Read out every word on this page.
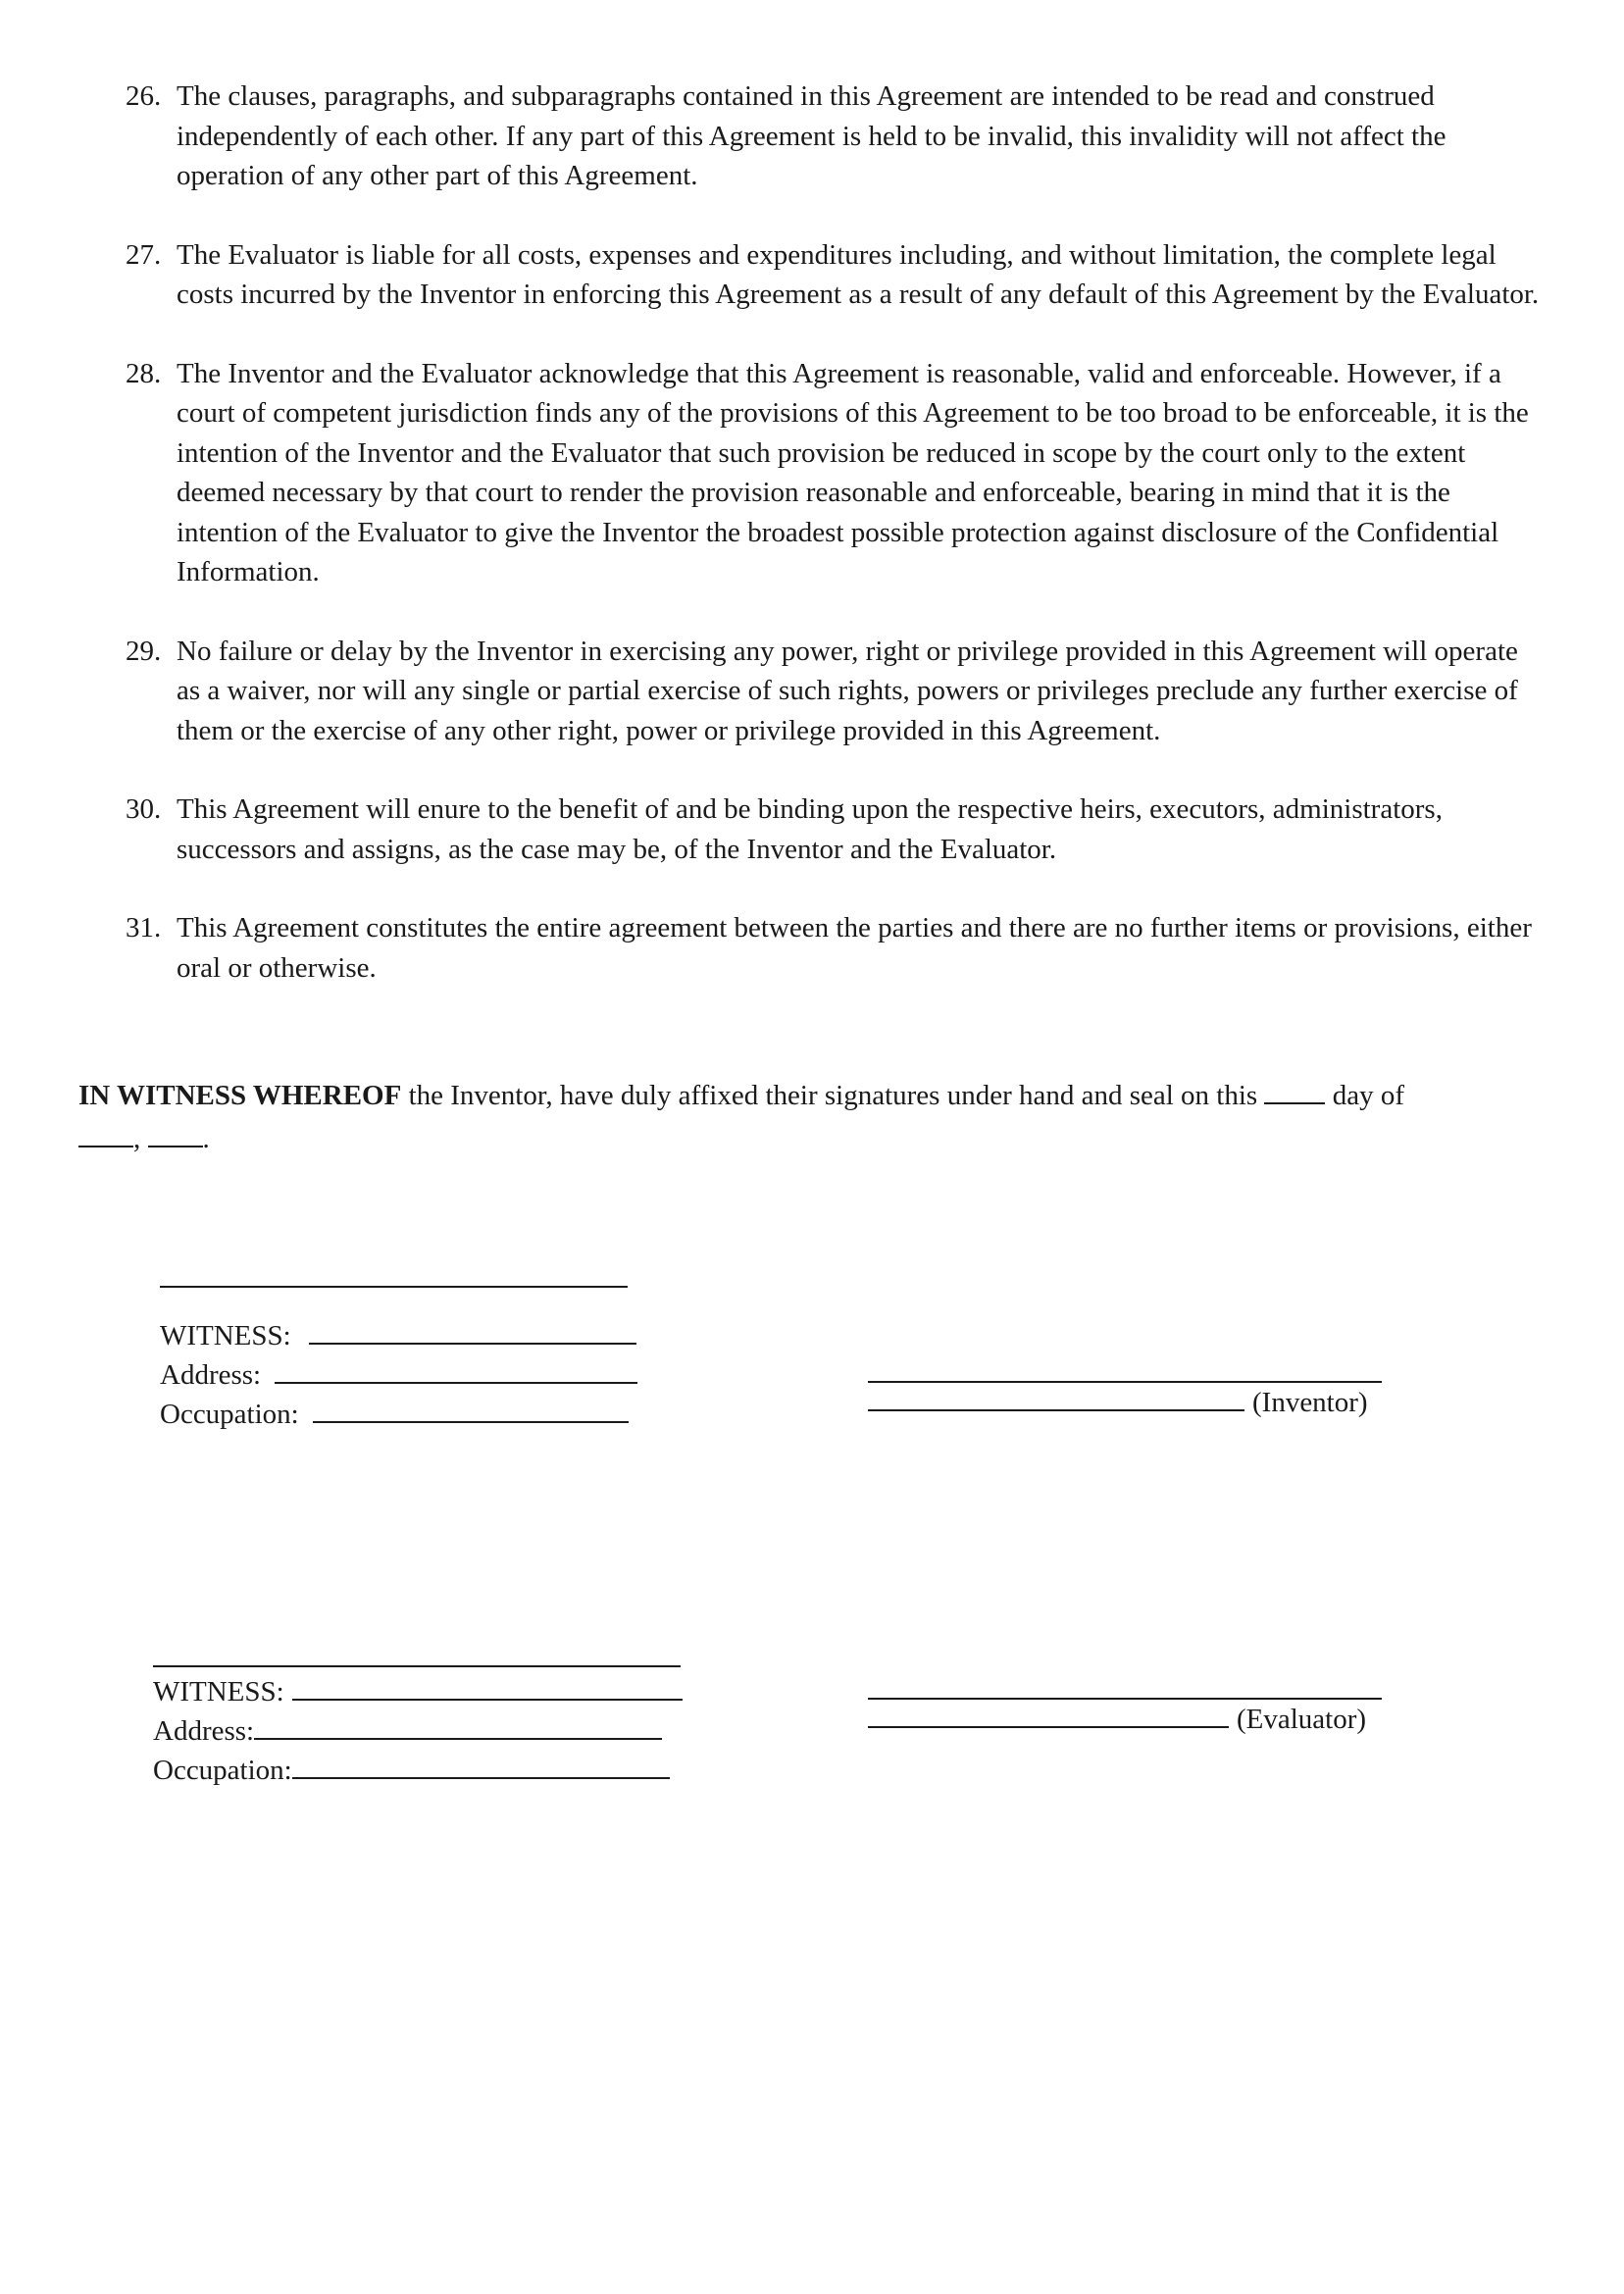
26. The clauses, paragraphs, and subparagraphs contained in this Agreement are intended to be read and construed independently of each other. If any part of this Agreement is held to be invalid, this invalidity will not affect the operation of any other part of this Agreement.
27. The Evaluator is liable for all costs, expenses and expenditures including, and without limitation, the complete legal costs incurred by the Inventor in enforcing this Agreement as a result of any default of this Agreement by the Evaluator.
28. The Inventor and the Evaluator acknowledge that this Agreement is reasonable, valid and enforceable. However, if a court of competent jurisdiction finds any of the provisions of this Agreement to be too broad to be enforceable, it is the intention of the Inventor and the Evaluator that such provision be reduced in scope by the court only to the extent deemed necessary by that court to render the provision reasonable and enforceable, bearing in mind that it is the intention of the Evaluator to give the Inventor the broadest possible protection against disclosure of the Confidential Information.
29. No failure or delay by the Inventor in exercising any power, right or privilege provided in this Agreement will operate as a waiver, nor will any single or partial exercise of such rights, powers or privileges preclude any further exercise of them or the exercise of any other right, power or privilege provided in this Agreement.
30. This Agreement will enure to the benefit of and be binding upon the respective heirs, executors, administrators, successors and assigns, as the case may be, of the Inventor and the Evaluator.
31. This Agreement constitutes the entire agreement between the parties and there are no further items or provisions, either oral or otherwise.

IN WITNESS WHEREOF the Inventor, have duly affixed their signatures under hand and seal on this  day of
, .

WITNESS:
Address:
Occupation:	(Inventor)
WITNESS:
Address:
Occupation:
(Evaluator)
